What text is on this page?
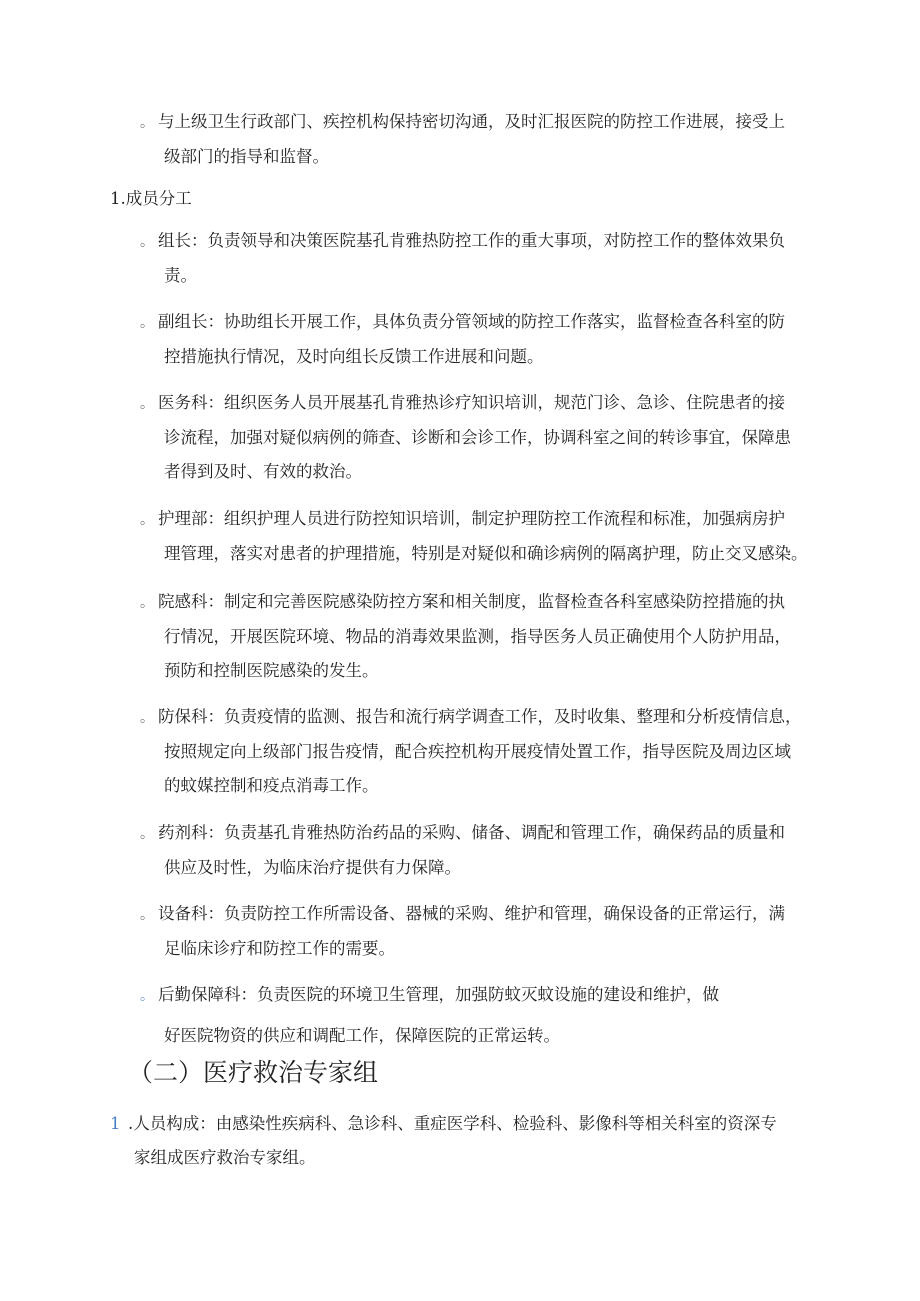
。 与上级卫生行政部门、疾控机构保持密切沟通，及时汇报医院的防控工作进展，接受上
级部门的指导和监督。
1.成员分工
。 组长：负责领导和决策医院基孔肯雅热防控工作的重大事项，对防控工作的整体效果负
责。
。 副组长：协助组长开展工作，具体负责分管领域的防控工作落实，监督检查各科室的防
控措施执行情况，及时向组长反馈工作进展和问题。
。 医务科：组织医务人员开展基孔肯雅热诊疗知识培训，规范门诊、急诊、住院患者的接
诊流程，加强对疑似病例的筛查、诊断和会诊工作，协调科室之间的转诊事宜，保障患
者得到及时、有效的救治。
。 护理部：组织护理人员进行防控知识培训，制定护理防控工作流程和标准，加强病房护
理管理，落实对患者的护理措施，特别是对疑似和确诊病例的隔离护理，防止交叉感染。
。 院感科：制定和完善医院感染防控方案和相关制度，监督检查各科室感染防控措施的执
行情况，开展医院环境、物品的消毒效果监测，指导医务人员正确使用个人防护用品，
预防和控制医院感染的发生。
。 防保科：负责疫情的监测、报告和流行病学调查工作，及时收集、整理和分析疫情信息，
按照规定向上级部门报告疫情，配合疾控机构开展疫情处置工作，指导医院及周边区域
的蚊媒控制和疫点消毒工作。
。 药剂科：负责基孔肯雅热防治药品的采购、储备、调配和管理工作，确保药品的质量和
供应及时性，为临床治疗提供有力保障。
。 设备科：负责防控工作所需设备、器械的采购、维护和管理，确保设备的正常运行，满
足临床诊疗和防控工作的需要。
。 后勤保障科：负责医院的环境卫生管理，加强防蚊灭蚊设施的建设和维护，做
好医院物资的供应和调配工作，保障医院的正常运转。
（二）医疗救治专家组
1 .人员构成：由感染性疾病科、急诊科、重症医学科、检验科、影像科等相关科室的资深专
家组成医疗救治专家组。
